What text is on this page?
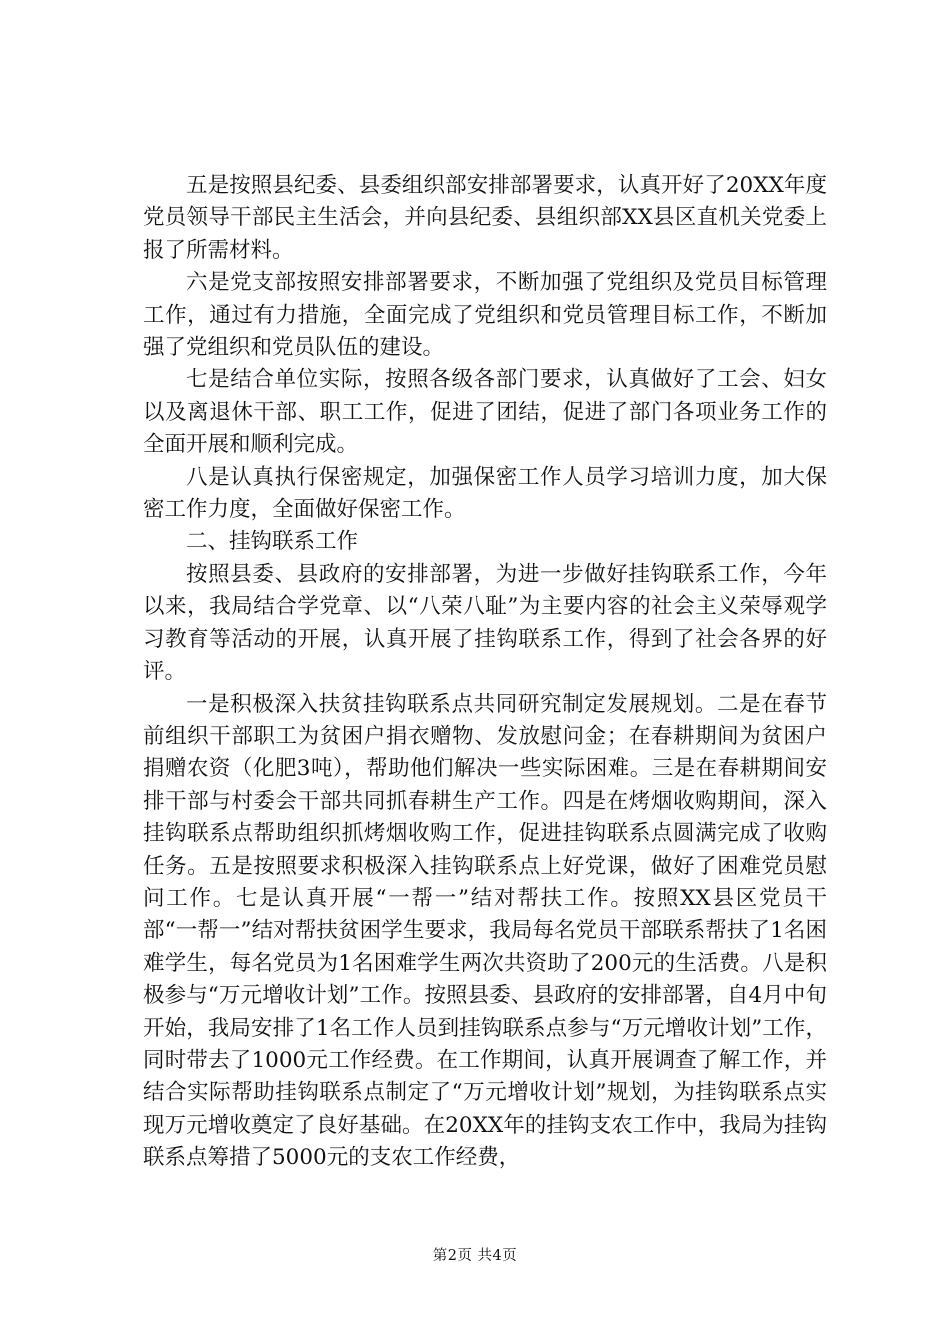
五是按照县纪委、县委组织部安排部署要求，认真开好了20XX年度党员领导干部民主生活会，并向县纪委、县组织部XX县区直机关党委上报了所需材料。

六是党支部按照安排部署要求，不断加强了党组织及党员目标管理工作，通过有力措施，全面完成了党组织和党员管理目标工作，不断加强了党组织和党员队伍的建设。

七是结合单位实际，按照各级各部门要求，认真做好了工会、妇女以及离退休干部、职工工作，促进了团结，促进了部门各项业务工作的全面开展和顺利完成。

八是认真执行保密规定，加强保密工作人员学习培训力度，加大保密工作力度，全面做好保密工作。

二、挂钩联系工作

按照县委、县政府的安排部署，为进一步做好挂钩联系工作，今年以来，我局结合学党章、以“八荣八耻”为主要内容的社会主义荣辱观学习教育等活动的开展，认真开展了挂钩联系工作，得到了社会各界的好评。

一是积极深入扶贫挂钩联系点共同研究制定发展规划。二是在春节前组织干部职工为贫困户捐衣赠物、发放慰问金；在春耕期间为贫困户捐赠农资（化肥3吨），帮助他们解决一些实际困难。三是在春耕期间安排干部与村委会干部共同抓春耕生产工作。四是在烤烟收购期间，深入挂钩联系点帮助组织抓烤烟收购工作，促进挂钩联系点圆满完成了收购任务。五是按照要求积极深入挂钩联系点上好党课，做好了困难党员慰问工作。七是认真开展“一帮一”结对帮扶工作。按照XX县区党员干部“一帮一”结对帮扶贫困学生要求，我局每名党员干部联系帮扶了1名困难学生，每名党员为1名困难学生两次共资助了200元的生活费。八是积极参与“万元增收计划”工作。按照县委、县政府的安排部署，自4月中旬开始，我局安排了1名工作人员到挂钩联系点参与“万元增收计划”工作，同时带去了1000元工作经费。在工作期间，认真开展调查了解工作，并结合实际帮助挂钩联系点制定了“万元增收计划”规划，为挂钩联系点实现万元增收奠定了良好基础。在20XX年的挂钩支农工作中，我局为挂钩联系点筹措了5000元的支农工作经费，

第2页 共4页
